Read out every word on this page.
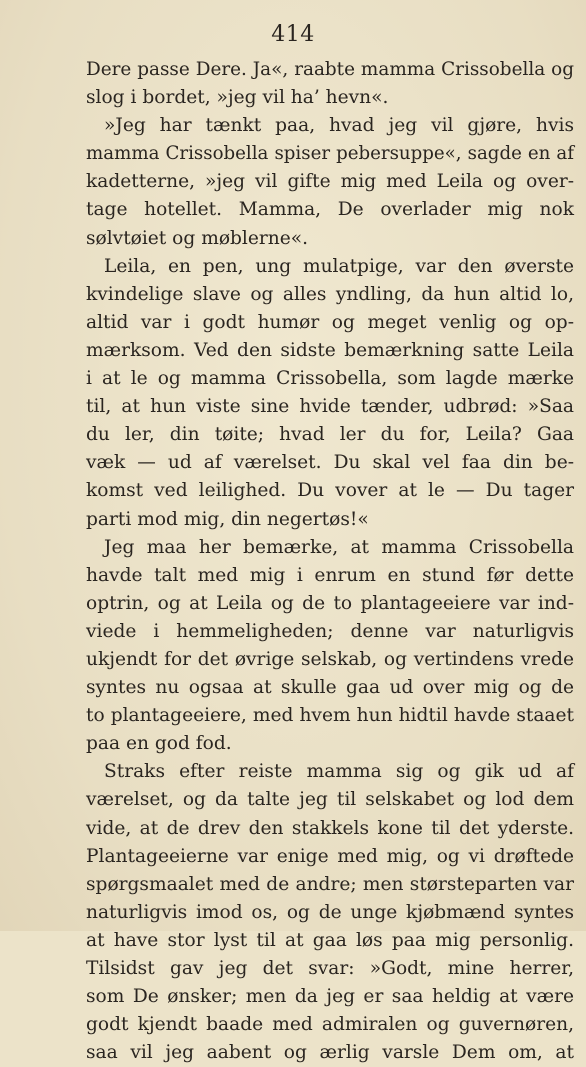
414
Dere passe Dere. Ja«, raabte mamma Crissobella og
slog i bordet, »jeg vil ha’ hevn«.
»Jeg har tænkt paa, hvad jeg vil gjøre, hvis
mamma Crissobella spiser pebersuppe«, sagde en af
kadetterne, »jeg vil gifte mig med Leila og over-
tage hotellet. Mamma, De overlader mig nok
sølvtøiet og møblerne«.
Leila, en pen, ung mulatpige, var den øverste
kvindelige slave og alles yndling, da hun altid lo,
altid var i godt humør og meget venlig og op-
mærksom. Ved den sidste bemærkning satte Leila
i at le og mamma Crissobella, som lagde mærke
til, at hun viste sine hvide tænder, udbrød: »Saa
du ler, din tøite; hvad ler du for, Leila? Gaa
væk — ud af værelset. Du skal vel faa din be-
komst ved leilighed. Du vover at le — Du tager
parti mod mig, din negertøs!«
Jeg maa her bemærke, at mamma Crissobella
havde talt med mig i enrum en stund før dette
optrin, og at Leila og de to plantageeiere var ind-
viede i hemmeligheden; denne var naturligvis
ukjendt for det øvrige selskab, og vertindens vrede
syntes nu ogsaa at skulle gaa ud over mig og de
to plantageeiere, med hvem hun hidtil havde staaet
paa en god fod.
Straks efter reiste mamma sig og gik ud af
værelset, og da talte jeg til selskabet og lod dem
vide, at de drev den stakkels kone til det yderste.
Plantageeierne var enige med mig, og vi drøftede
spørgsmaalet med de andre; men størsteparten var
naturligvis imod os, og de unge kjøbmænd syntes
at have stor lyst til at gaa løs paa mig personlig.
Tilsidst gav jeg det svar: »Godt, mine herrer,
som De ønsker; men da jeg er saa heldig at være
godt kjendt baade med admiralen og guvernøren,
saa vil jeg aabent og ærlig varsle Dem om, at
